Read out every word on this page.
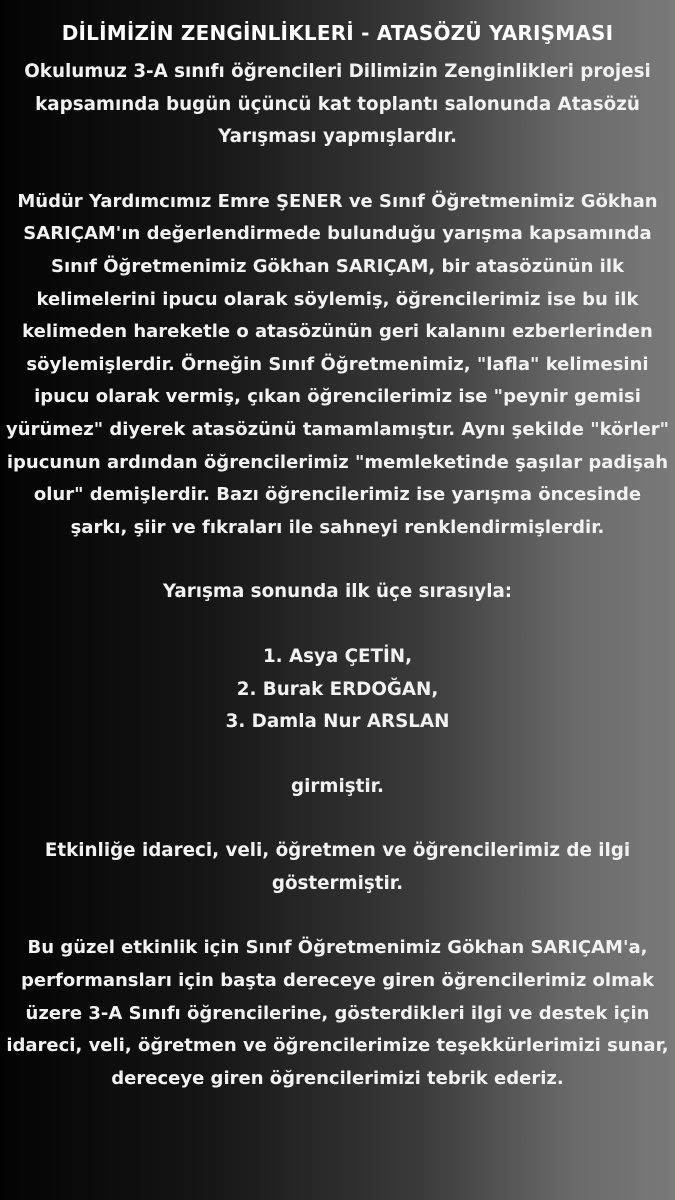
DİLİMİZİN ZENGİNLİKLERİ - ATASÖZÜ YARIŞMASI

Okulumuz 3-A sınıfı öğrencileri Dilimizin Zenginlikleri projesi kapsamında bugün üçüncü kat toplantı salonunda Atasözü Yarışması yapmışlardır.

Müdür Yardımcımız Emre ŞENER ve Sınıf Öğretmenimiz Gökhan SARIÇAM'ın değerlendirmede bulunduğu yarışma kapsamında Sınıf Öğretmenimiz Gökhan SARIÇAM, bir atasözünün ilk kelimelerini ipucu olarak söylemiş, öğrencilerimiz ise bu ilk kelimeden hareketle o atasözünün geri kalanını ezberlerinden söylemişlerdir. Örneğin Sınıf Öğretmenimiz, "lafla" kelimesini ipucu olarak vermiş, çıkan öğrencilerimiz ise "peynir gemisi yürümez" diyerek atasözünü tamamlamıştır. Aynı şekilde "körler" ipucunun ardından öğrencilerimiz "memleketinde şaşılar padişah olur" demişlerdir. Bazı öğrencilerimiz ise yarışma öncesinde şarkı, şiir ve fıkraları ile sahneyi renklendirmişlerdir.

Yarışma sonunda ilk üçe sırasıyla:

1. Asya ÇETİN,
2. Burak ERDOĞAN,
3. Damla Nur ARSLAN

girmiştir.

Etkinliğe idareci, veli, öğretmen ve öğrencilerimiz de ilgi göstermiştir.

Bu güzel etkinlik için Sınıf Öğretmenimiz Gökhan SARIÇAM'a, performansları için başta dereceye giren öğrencilerimiz olmak üzere 3-A Sınıfı öğrencilerine, gösterdikleri ilgi ve destek için idareci, veli, öğretmen ve öğrencilerimize teşekkürlerimizi sunar, dereceye giren öğrencilerimizi tebrik ederiz.
